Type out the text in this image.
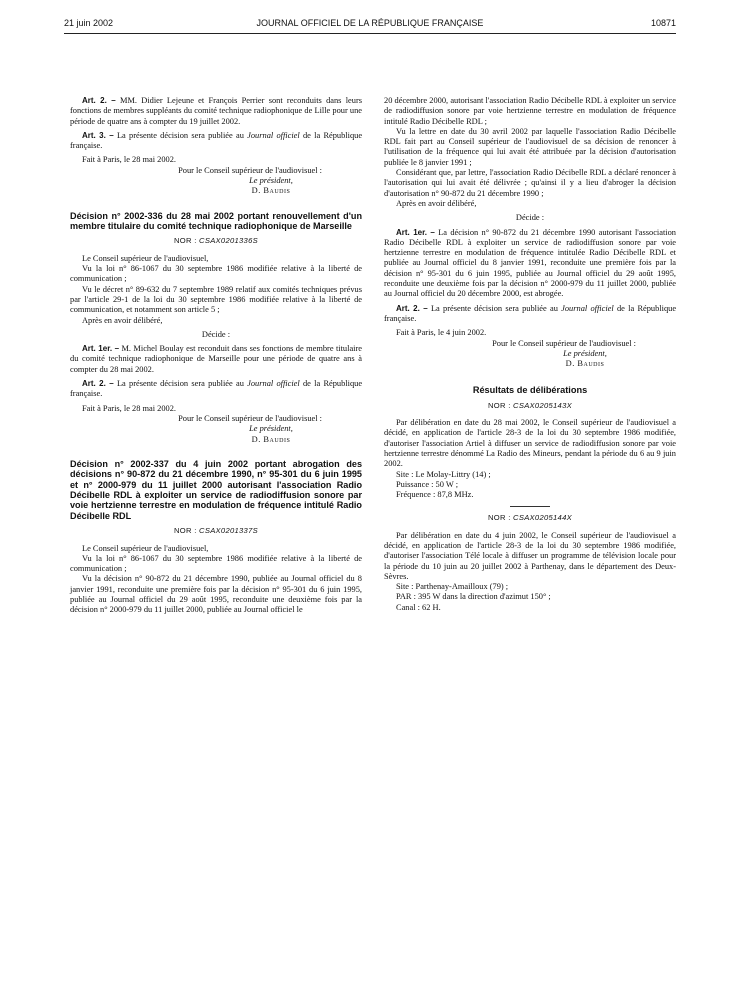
21 juin 2002	JOURNAL OFFICIEL DE LA RÉPUBLIQUE FRANÇAISE	10871

Art. 2. – MM. Didier Lejeune et François Perrier sont reconduits dans leurs fonctions de membres suppléants du comité technique radiophonique de Lille pour une période de quatre ans à compter du 19 juillet 2002.

Art. 3. – La présente décision sera publiée au Journal officiel de la République française.

Fait à Paris, le 28 mai 2002.

Pour le Conseil supérieur de l'audiovisuel :

Le président,

D. Baudis

Décision n° 2002-336 du 28 mai 2002 portant renouvellement d'un membre titulaire du comité technique radiophonique de Marseille

NOR : CSAX0201336S

Le Conseil supérieur de l'audiovisuel,

Vu la loi n° 86-1067 du 30 septembre 1986 modifiée relative à la liberté de communication ;

Vu le décret n° 89-632 du 7 septembre 1989 relatif aux comités techniques prévus par l'article 29-1 de la loi du 30 septembre 1986 modifiée relative à la liberté de communication, et notamment son article 5 ;

Après en avoir délibéré,

Décide :

Art. 1er. – M. Michel Boulay est reconduit dans ses fonctions de membre titulaire du comité technique radiophonique de Marseille pour une période de quatre ans à compter du 28 mai 2002.

Art. 2. – La présente décision sera publiée au Journal officiel de la République française.

Fait à Paris, le 28 mai 2002.

Pour le Conseil supérieur de l'audiovisuel :

Le président,

D. Baudis

Décision n° 2002-337 du 4 juin 2002 portant abrogation des décisions n° 90-872 du 21 décembre 1990, n° 95-301 du 6 juin 1995 et n° 2000-979 du 11 juillet 2000 autorisant l'association Radio Décibelle RDL à exploiter un service de radiodiffusion sonore par voie hertzienne terrestre en modulation de fréquence intitulé Radio Décibelle RDL

NOR : CSAX0201337S

Le Conseil supérieur de l'audiovisuel,

Vu la loi n° 86-1067 du 30 septembre 1986 modifiée relative à la liberté de communication ;

Vu la décision n° 90-872 du 21 décembre 1990, publiée au Journal officiel du 8 janvier 1991, reconduite une première fois par la décision n° 95-301 du 6 juin 1995, publiée au Journal officiel du 29 août 1995, reconduite une deuxième fois par la décision n° 2000-979 du 11 juillet 2000, publiée au Journal officiel le

20 décembre 2000, autorisant l'association Radio Décibelle RDL à exploiter un service de radiodiffusion sonore par voie hertzienne terrestre en modulation de fréquence intitulé Radio Décibelle RDL ;

Vu la lettre en date du 30 avril 2002 par laquelle l'association Radio Décibelle RDL fait part au Conseil supérieur de l'audiovisuel de sa décision de renoncer à l'utilisation de la fréquence qui lui avait été attribuée par la décision d'autorisation publiée le 8 janvier 1991 ;

Considérant que, par lettre, l'association Radio Décibelle RDL a déclaré renoncer à l'autorisation qui lui avait été délivrée ; qu'ainsi il y a lieu d'abroger la décision d'autorisation n° 90-872 du 21 décembre 1990 ;

Après en avoir délibéré,

Décide :

Art. 1er. – La décision n° 90-872 du 21 décembre 1990 autorisant l'association Radio Décibelle RDL à exploiter un service de radiodiffusion sonore par voie hertzienne terrestre en modulation de fréquence intitulée Radio Décibelle RDL et publiée au Journal officiel du 8 janvier 1991, reconduite une première fois par la décision n° 95-301 du 6 juin 1995, publiée au Journal officiel du 29 août 1995, reconduite une deuxième fois par la décision n° 2000-979 du 11 juillet 2000, publiée au Journal officiel du 20 décembre 2000, est abrogée.

Art. 2. – La présente décision sera publiée au Journal officiel de la République française.

Fait à Paris, le 4 juin 2002.

Pour le Conseil supérieur de l'audiovisuel :

Le président,

D. Baudis

Résultats de délibérations

NOR : CSAX0205143X

Par délibération en date du 28 mai 2002, le Conseil supérieur de l'audiovisuel a décidé, en application de l'article 28-3 de la loi du 30 septembre 1986 modifiée, d'autoriser l'association Artiel à diffuser un service de radiodiffusion sonore par voie hertzienne terrestre dénommé La Radio des Mineurs, pendant la période du 6 au 9 juin 2002.

Site : Le Molay-Littry (14) ;

Puissance : 50 W ;

Fréquence : 87,8 MHz.

NOR : CSAX0205144X

Par délibération en date du 4 juin 2002, le Conseil supérieur de l'audiovisuel a décidé, en application de l'article 28-3 de la loi du 30 septembre 1986 modifiée, d'autoriser l'association Télé locale à diffuser un programme de télévision locale pour la période du 10 juin au 20 juillet 2002 à Parthenay, dans le département des Deux-Sèvres.

Site : Parthenay-Amailloux (79) ;

PAR : 395 W dans la direction d'azimut 150° ;

Canal : 62 H.
